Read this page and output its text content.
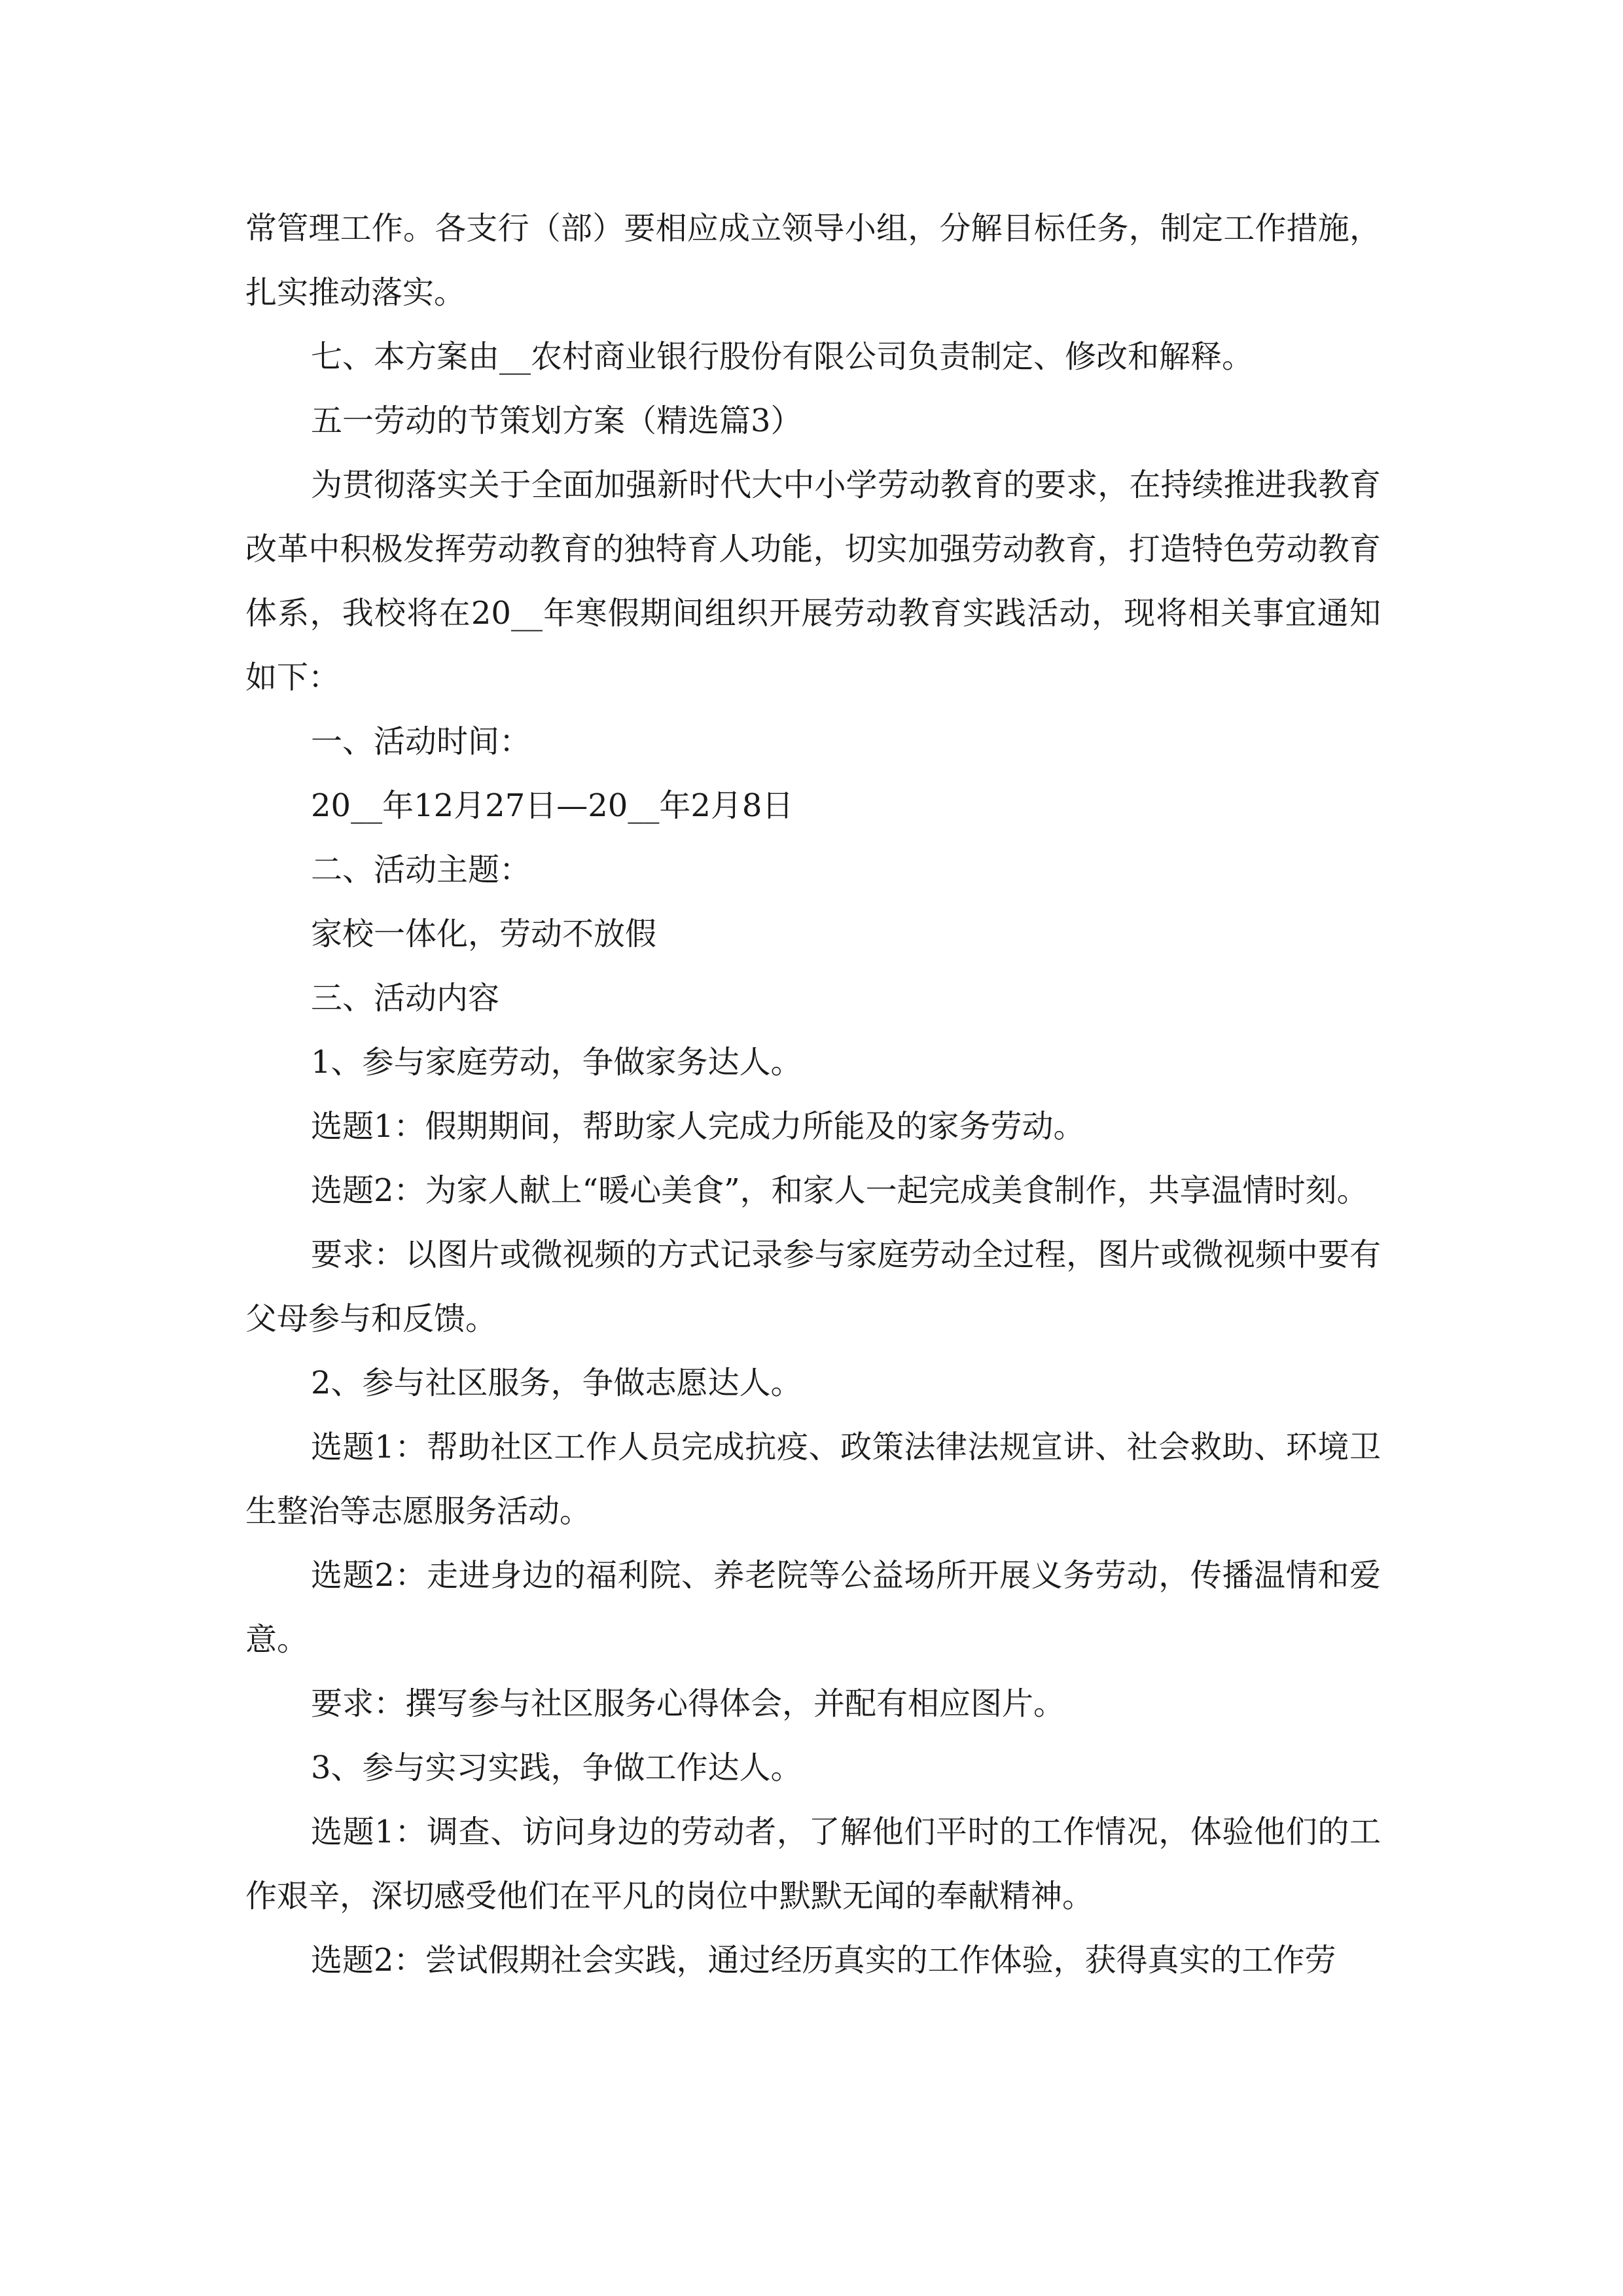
常管理工作。各支行（部）要相应成立领导小组，分解目标任务，制定工作措施，扎实推动落实。

七、本方案由__农村商业银行股份有限公司负责制定、修改和解释。

五一劳动的节策划方案（精选篇3）

为贯彻落实关于全面加强新时代大中小学劳动教育的要求，在持续推进我教育改革中积极发挥劳动教育的独特育人功能，切实加强劳动教育，打造特色劳动教育体系，我校将在20__年寒假期间组织开展劳动教育实践活动，现将相关事宜通知如下：

一、活动时间：

20__年12月27日—20__年2月8日

二、活动主题：

家校一体化，劳动不放假

三、活动内容

1、参与家庭劳动，争做家务达人。

选题1：假期期间，帮助家人完成力所能及的家务劳动。

选题2：为家人献上“暖心美食”，和家人一起完成美食制作，共享温情时刻。

要求：以图片或微视频的方式记录参与家庭劳动全过程，图片或微视频中要有父母参与和反馈。

2、参与社区服务，争做志愿达人。

选题1：帮助社区工作人员完成抗疫、政策法律法规宣讲、社会救助、环境卫生整治等志愿服务活动。

选题2：走进身边的福利院、养老院等公益场所开展义务劳动，传播温情和爱意。

要求：撰写参与社区服务心得体会，并配有相应图片。

3、参与实习实践，争做工作达人。

选题1：调查、访问身边的劳动者，了解他们平时的工作情况，体验他们的工作艰辛，深切感受他们在平凡的岗位中默默无闻的奉献精神。

选题2：尝试假期社会实践，通过经历真实的工作体验，获得真实的工作劳
